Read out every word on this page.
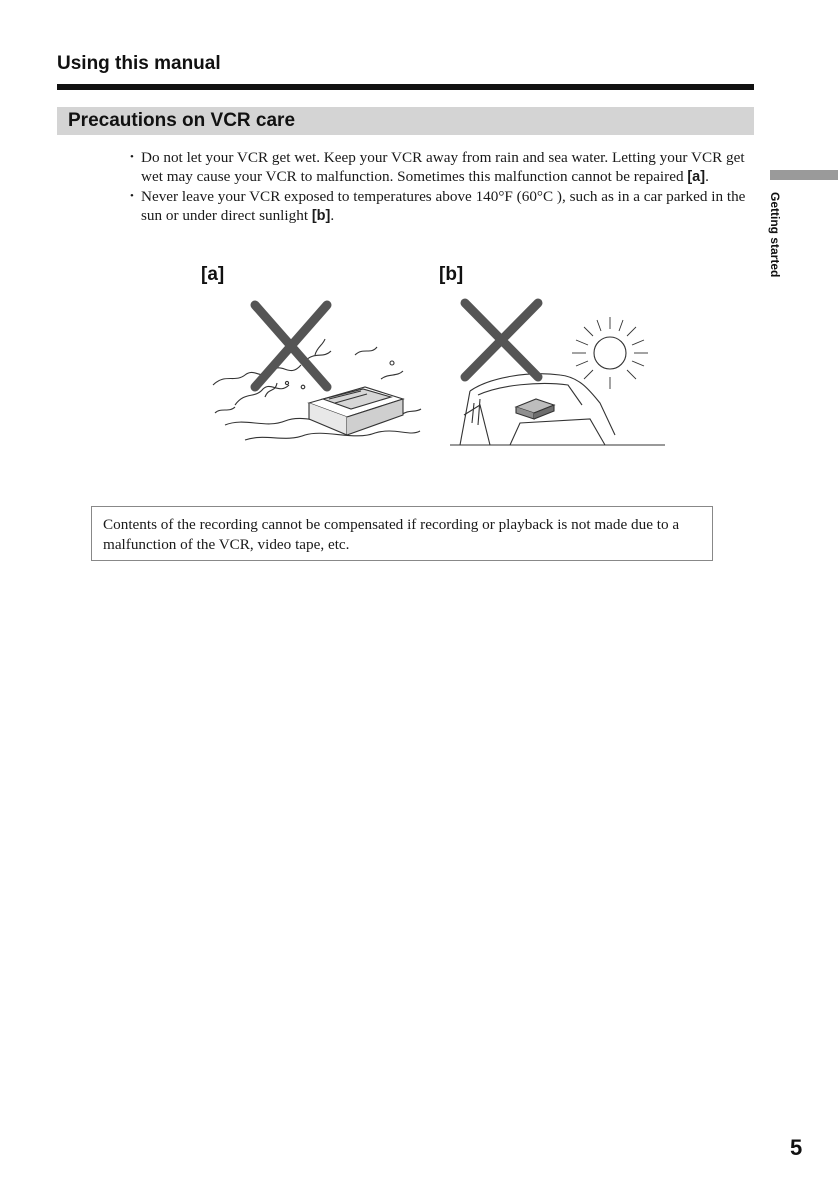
Using this manual
Precautions on VCR care
• Do not let your VCR get wet. Keep your VCR away from rain and sea water. Letting your VCR get wet may cause your VCR to malfunction. Sometimes this malfunction cannot be repaired [a].
• Never leave your VCR exposed to temperatures above 140°F (60°C ), such as in a car parked in the sun or under direct sunlight [b].	Getting started
[a]	[b]
Contents of the recording cannot be compensated if recording or playback is not made due to a malfunction of the VCR, video tape, etc.
5
